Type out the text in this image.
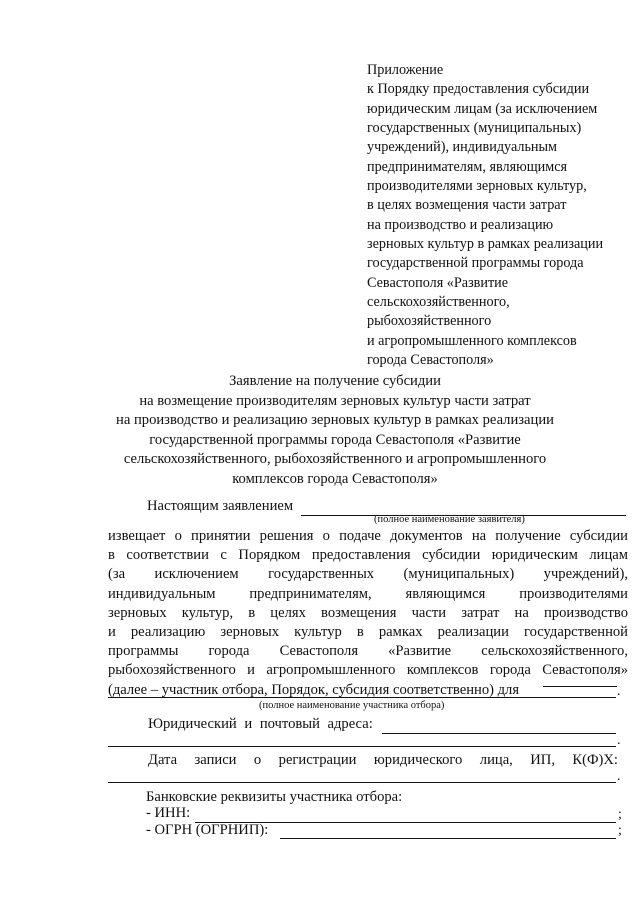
Приложение
к Порядку предоставления субсидии
юридическим лицам (за исключением
государственных (муниципальных)
учреждений), индивидуальным
предпринимателям, являющимся
производителями зерновых культур,
в целях возмещения части затрат
на производство и реализацию
зерновых культур в рамках реализации
государственной программы города
Севастополя «Развитие
сельскохозяйственного,
рыбохозяйственного
и агропромышленного комплексов
города Севастополя»
Заявление на получение субсидии
на возмещение производителям зерновых культур части затрат
на производство и реализацию зерновых культур в рамках реализации
государственной программы города Севастополя «Развитие
сельскохозяйственного, рыбохозяйственного и агропромышленного
комплексов города Севастополя»
Настоящим заявлением
(полное наименование заявителя)
извещает о принятии решения о подаче документов на получение субсидии
в соответствии с Порядком предоставления субсидии юридическим лицам
(за исключением государственных (муниципальных) учреждений),
индивидуальным предпринимателям, являющимся производителями
зерновых культур, в целях возмещения части затрат на производство
и реализацию зерновых культур в рамках реализации государственной
программы города Севастополя «Развитие сельскохозяйственного,
рыбохозяйственного и агропромышленного комплексов города Севастополя»
(далее – участник отбора, Порядок, субсидия соответственно) для	.
(полное наименование участника отбора)
Юридический и почтовый адреса:
.
Дата записи о регистрации юридического лица, ИП, К(Ф)Х:
.
Банковские реквизиты участника отбора:
- ИНН:	;
- ОГРН (ОГРНИП):	;
